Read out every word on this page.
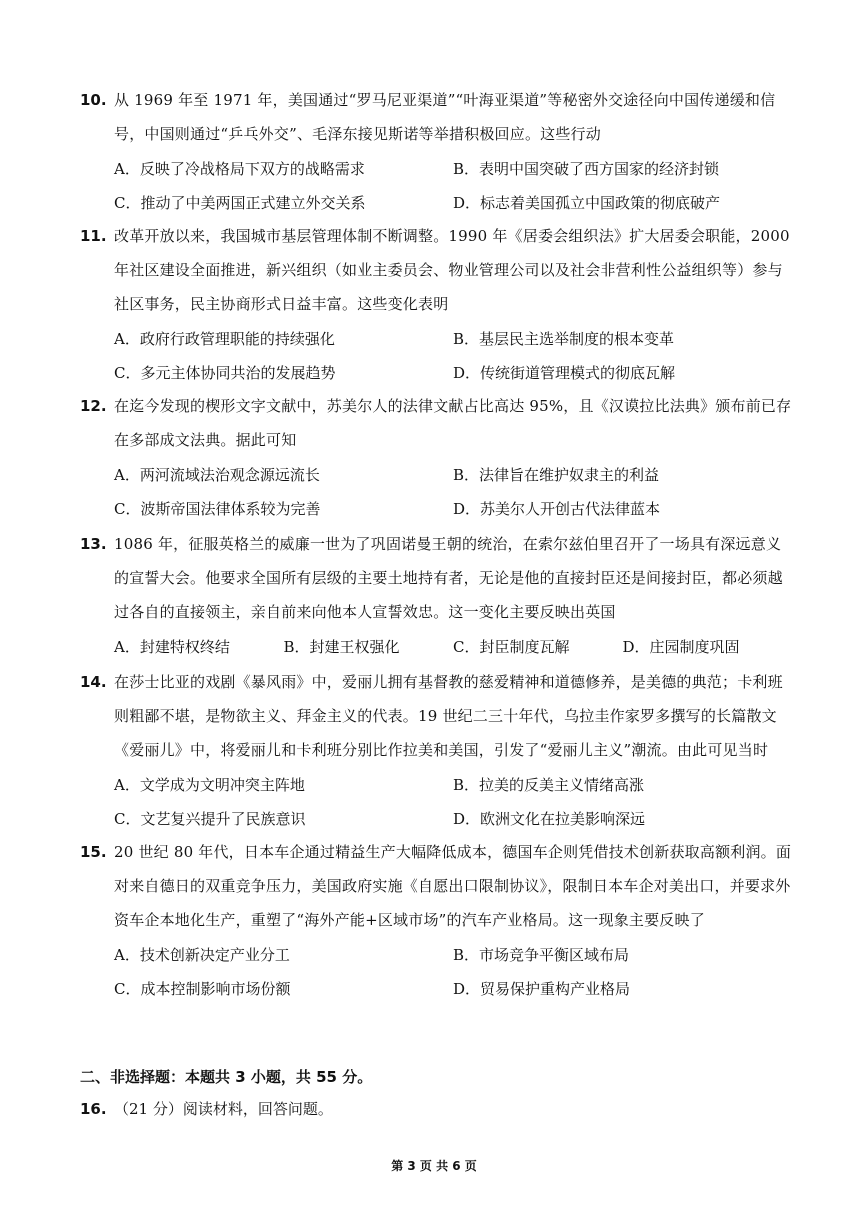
10. 从 1969 年至 1971 年，美国通过“罗马尼亚渠道”“叶海亚渠道”等秘密外交途径向中国传递缓和信号，中国则通过“乒乓外交”、毛泽东接见斯诺等举措积极回应。这些行动
A．反映了冷战格局下双方的战略需求	B．表明中国突破了西方国家的经济封锁
C．推动了中美两国正式建立外交关系	D．标志着美国孤立中国政策的彻底破产
11. 改革开放以来，我国城市基层管理体制不断调整。1990 年《居委会组织法》扩大居委会职能，2000 年社区建设全面推进，新兴组织（如业主委员会、物业管理公司以及社会非营利性公益组织等）参与社区事务，民主协商形式日益丰富。这些变化表明
A．政府行政管理职能的持续强化	B．基层民主选举制度的根本变革
C．多元主体协同共治的发展趋势	D．传统街道管理模式的彻底瓦解
12. 在迄今发现的楔形文字文献中，苏美尔人的法律文献占比高达 95%，且《汉谟拉比法典》颁布前已存在多部成文法典。据此可知
A．两河流域法治观念源远流长	B．法律旨在维护奴隶主的利益
C．波斯帝国法律体系较为完善	D．苏美尔人开创古代法律蓝本
13. 1086 年，征服英格兰的威廉一世为了巩固诺曼王朝的统治，在索尔兹伯里召开了一场具有深远意义的宣誓大会。他要求全国所有层级的主要土地持有者，无论是他的直接封臣还是间接封臣，都必须越过各自的直接领主，亲自前来向他本人宣誓效忠。这一变化主要反映出英国
A．封建特权终结	B．封建王权强化	C．封臣制度瓦解	D．庄园制度巩固
14. 在莎士比亚的戏剧《暴风雨》中，爱丽儿拥有基督教的慈爱精神和道德修养，是美德的典范；卡利班则粗鄙不堪，是物欲主义、拜金主义的代表。19 世纪二三十年代，乌拉圭作家罗多撰写的长篇散文《爱丽儿》中，将爱丽儿和卡利班分别比作拉美和美国，引发了“爱丽儿主义”潮流。由此可见当时
A．文学成为文明冲突主阵地	B．拉美的反美主义情绪高涨
C．文艺复兴提升了民族意识	D．欧洲文化在拉美影响深远
15. 20 世纪 80 年代，日本车企通过精益生产大幅降低成本，德国车企则凭借技术创新获取高额利润。面对来自德日的双重竞争压力，美国政府实施《自愿出口限制协议》，限制日本车企对美出口，并要求外资车企本地化生产，重塑了“海外产能+区域市场”的汽车产业格局。这一现象主要反映了
A．技术创新决定产业分工	B．市场竞争平衡区域布局
C．成本控制影响市场份额	D．贸易保护重构产业格局
二、非选择题：本题共 3 小题，共 55 分。
16. （21 分）阅读材料，回答问题。
第 3 页 共 6 页
